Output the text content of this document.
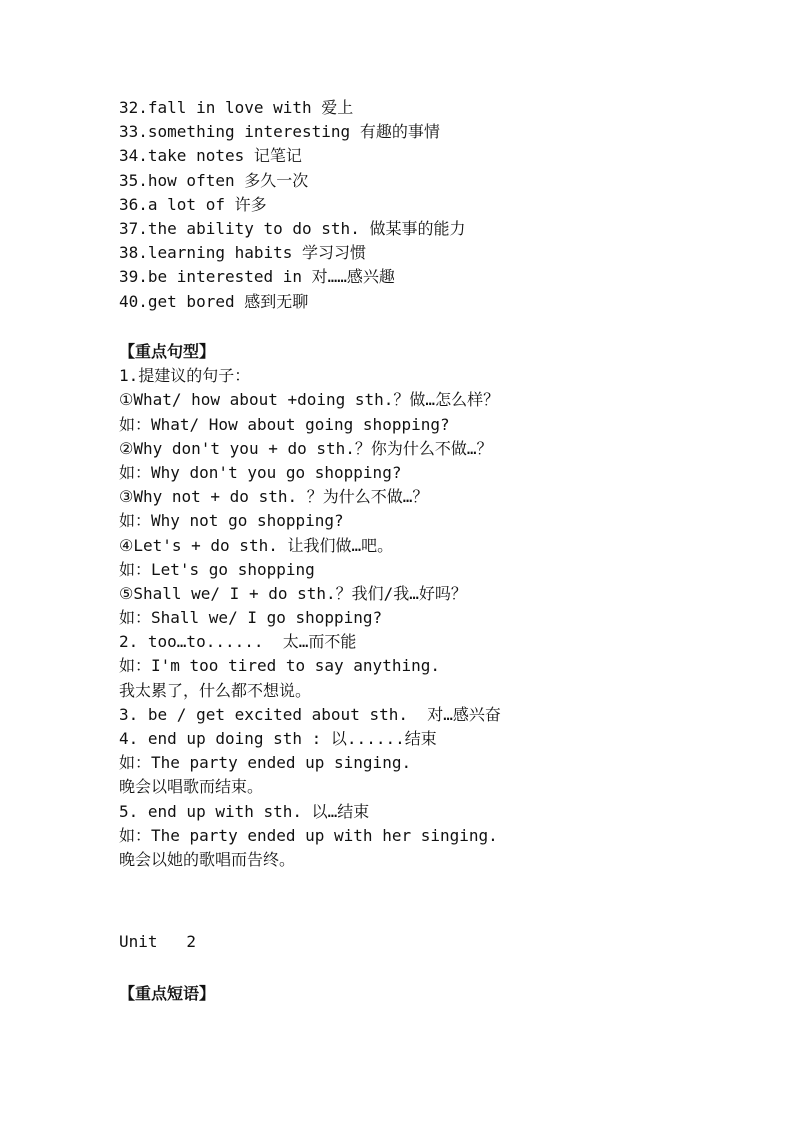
32.fall in love with 爱上
33.something interesting 有趣的事情
34.take notes 记笔记
35.how often 多久一次
36.a lot of 许多
37.the ability to do sth. 做某事的能力
38.learning habits 学习习惯
39.be interested in 对……感兴趣
40.get bored 感到无聊
【重点句型】
1.提建议的句子：
①What/ how about +doing sth.？做…怎么样？
如：What/ How about going shopping?
②Why don't you + do sth.？你为什么不做…？
如：Why don't you go shopping?
③Why not + do sth. ？为什么不做…？
如：Why not go shopping?
④Let's + do sth. 让我们做…吧。
如：Let's go shopping
⑤Shall we/ I + do sth.？我们/我…好吗？
如：Shall we/ I go shopping?
2. too…to......  太…而不能
如：I'm too tired to say anything.
我太累了，什么都不想说。
3. be / get excited about sth.  对…感兴奋
4. end up doing sth : 以......结束
如：The party ended up singing.
晚会以唱歌而结束。
5. end up with sth. 以…结束
如：The party ended up with her singing.
晚会以她的歌唱而告终。
Unit   2
【重点短语】
